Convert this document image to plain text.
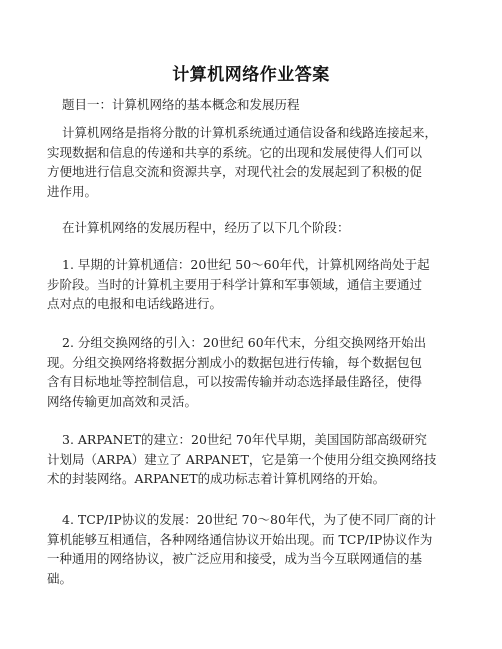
计算机网络作业答案
题目一：计算机网络的基本概念和发展历程
计算机网络是指将分散的计算机系统通过通信设备和线路连接起来，
实现数据和信息的传递和共享的系统。它的出现和发展使得人们可以
方便地进行信息交流和资源共享，对现代社会的发展起到了积极的促
进作用。
在计算机网络的发展历程中，经历了以下几个阶段：
1. 早期的计算机通信：20世纪 50～60年代，计算机网络尚处于起
步阶段。当时的计算机主要用于科学计算和军事领域，通信主要通过
点对点的电报和电话线路进行。
2. 分组交换网络的引入：20世纪 60年代末，分组交换网络开始出
现。分组交换网络将数据分割成小的数据包进行传输，每个数据包包
含有目标地址等控制信息，可以按需传输并动态选择最佳路径，使得
网络传输更加高效和灵活。
3. ARPANET的建立：20世纪 70年代早期，美国国防部高级研究
计划局（ARPA）建立了 ARPANET，它是第一个使用分组交换网络技
术的封装网络。ARPANET的成功标志着计算机网络的开始。
4. TCP/IP协议的发展：20世纪 70～80年代，为了使不同厂商的计
算机能够互相通信，各种网络通信协议开始出现。而 TCP/IP协议作为
一种通用的网络协议，被广泛应用和接受，成为当今互联网通信的基
础。
